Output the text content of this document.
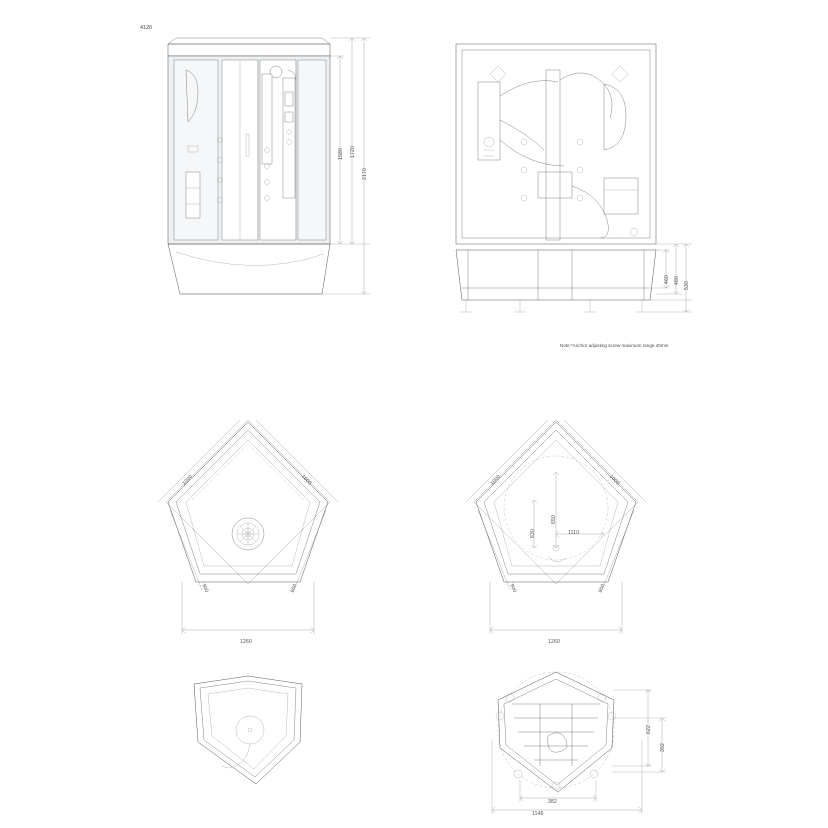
4126
1580 1720
2170
460 480
530
Note:*Anchor adjusting screw maximum range 40mm
1000	1000
900	900
1260
1000	1000
900	900
1260
650
630	1110
622
392
382
1146
